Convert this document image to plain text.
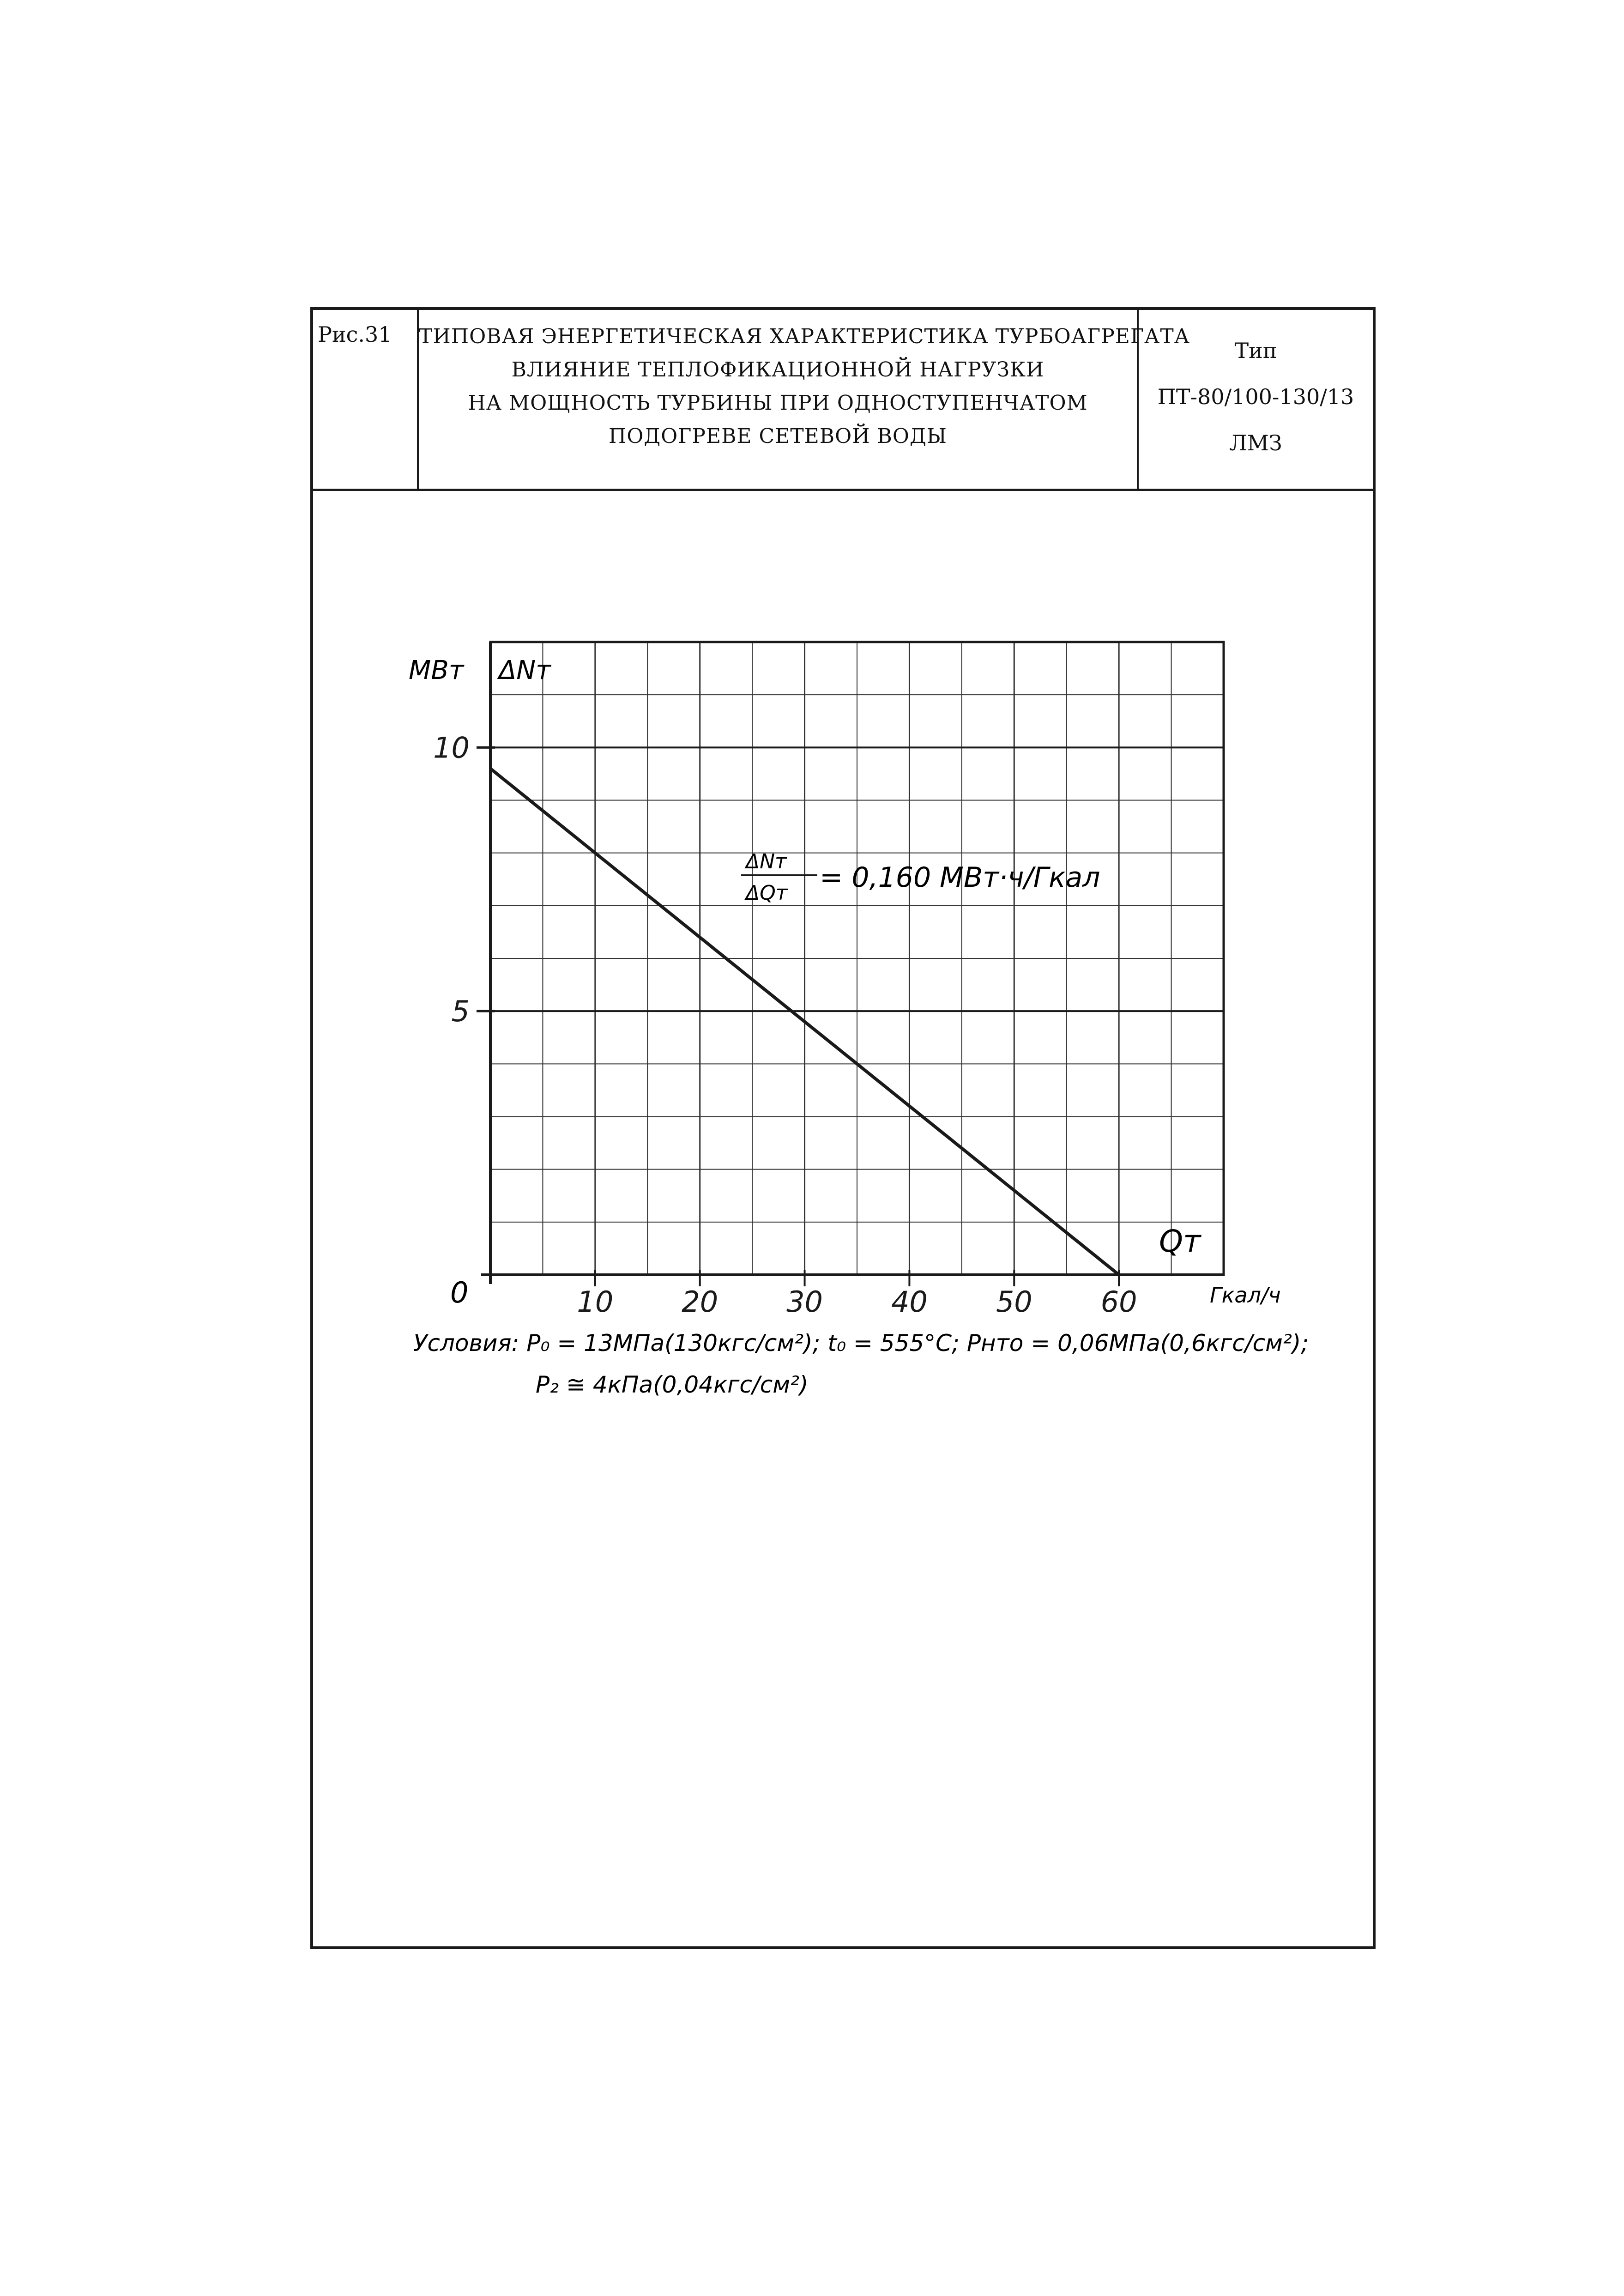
Рис.31	ТИПОВАЯ ЭНЕРГЕТИЧЕСКАЯ ХАРАКТЕРИСТИКА ТУРБОАГРЕГАТА
ВЛИЯНИЕ ТЕПЛОФИКАЦИОННОЙ НАГРУЗКИ
НА МОЩНОСТЬ ТУРБИНЫ ПРИ ОДНОСТУПЕНЧАТОМ
ПОДОГРЕВЕ СЕТЕВОЙ ВОДЫ
Тип
ПТ-80/100-130/13
ЛМЗ
5
10
10 20 30 40 50 60
МВт ΔNт
Qт
Гкал/ч
0
ΔNт
ΔQт = 0,160 МВт·ч/Гкал
Условия: P₀ = 13МПа(130кгс/см²); t₀ = 555°С; Pнто = 0,06МПа(0,6кгс/см²);
P₂ ≅ 4кПа(0,04кгс/см²)
